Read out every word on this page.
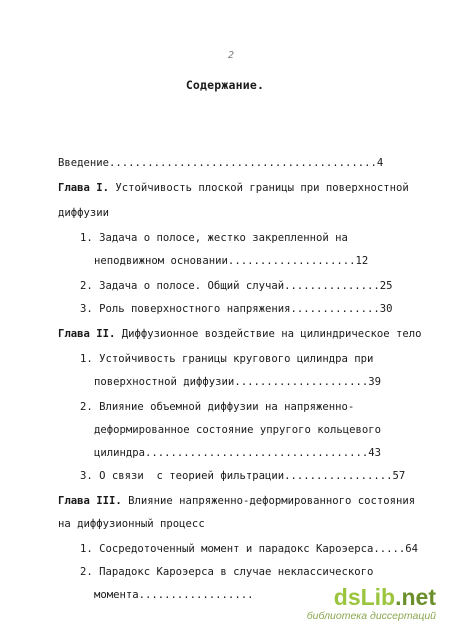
2
Содержание.
Введение..........................................4
Глава I. Устойчивость плоской границы при поверхностной
диффузии
1. Задача о полосе, жестко закрепленной на
неподвижном основании....................12
2. Задача о полосе. Общий случай...............25
3. Роль поверхностного напряжения..............30
Глава II. Диффузионное воздействие на цилиндрическое тело
1. Устойчивость границы кругового цилиндра при
поверхностной диффузии.....................39
2. Влияние объемной диффузии на напряженно-
деформированное состояние упругого кольцевого
цилиндра...................................43
3. О связи  с теорией фильтрации.................57
Глава III. Влияние напряженно-деформированного состояния
на диффузионный процесс
1. Сосредоточенный момент и парадокс Кароэерса.....64
2. Парадокс Кароэерса в случае неклассического
момента..................	dsLib.net
библиотека диссертаций
